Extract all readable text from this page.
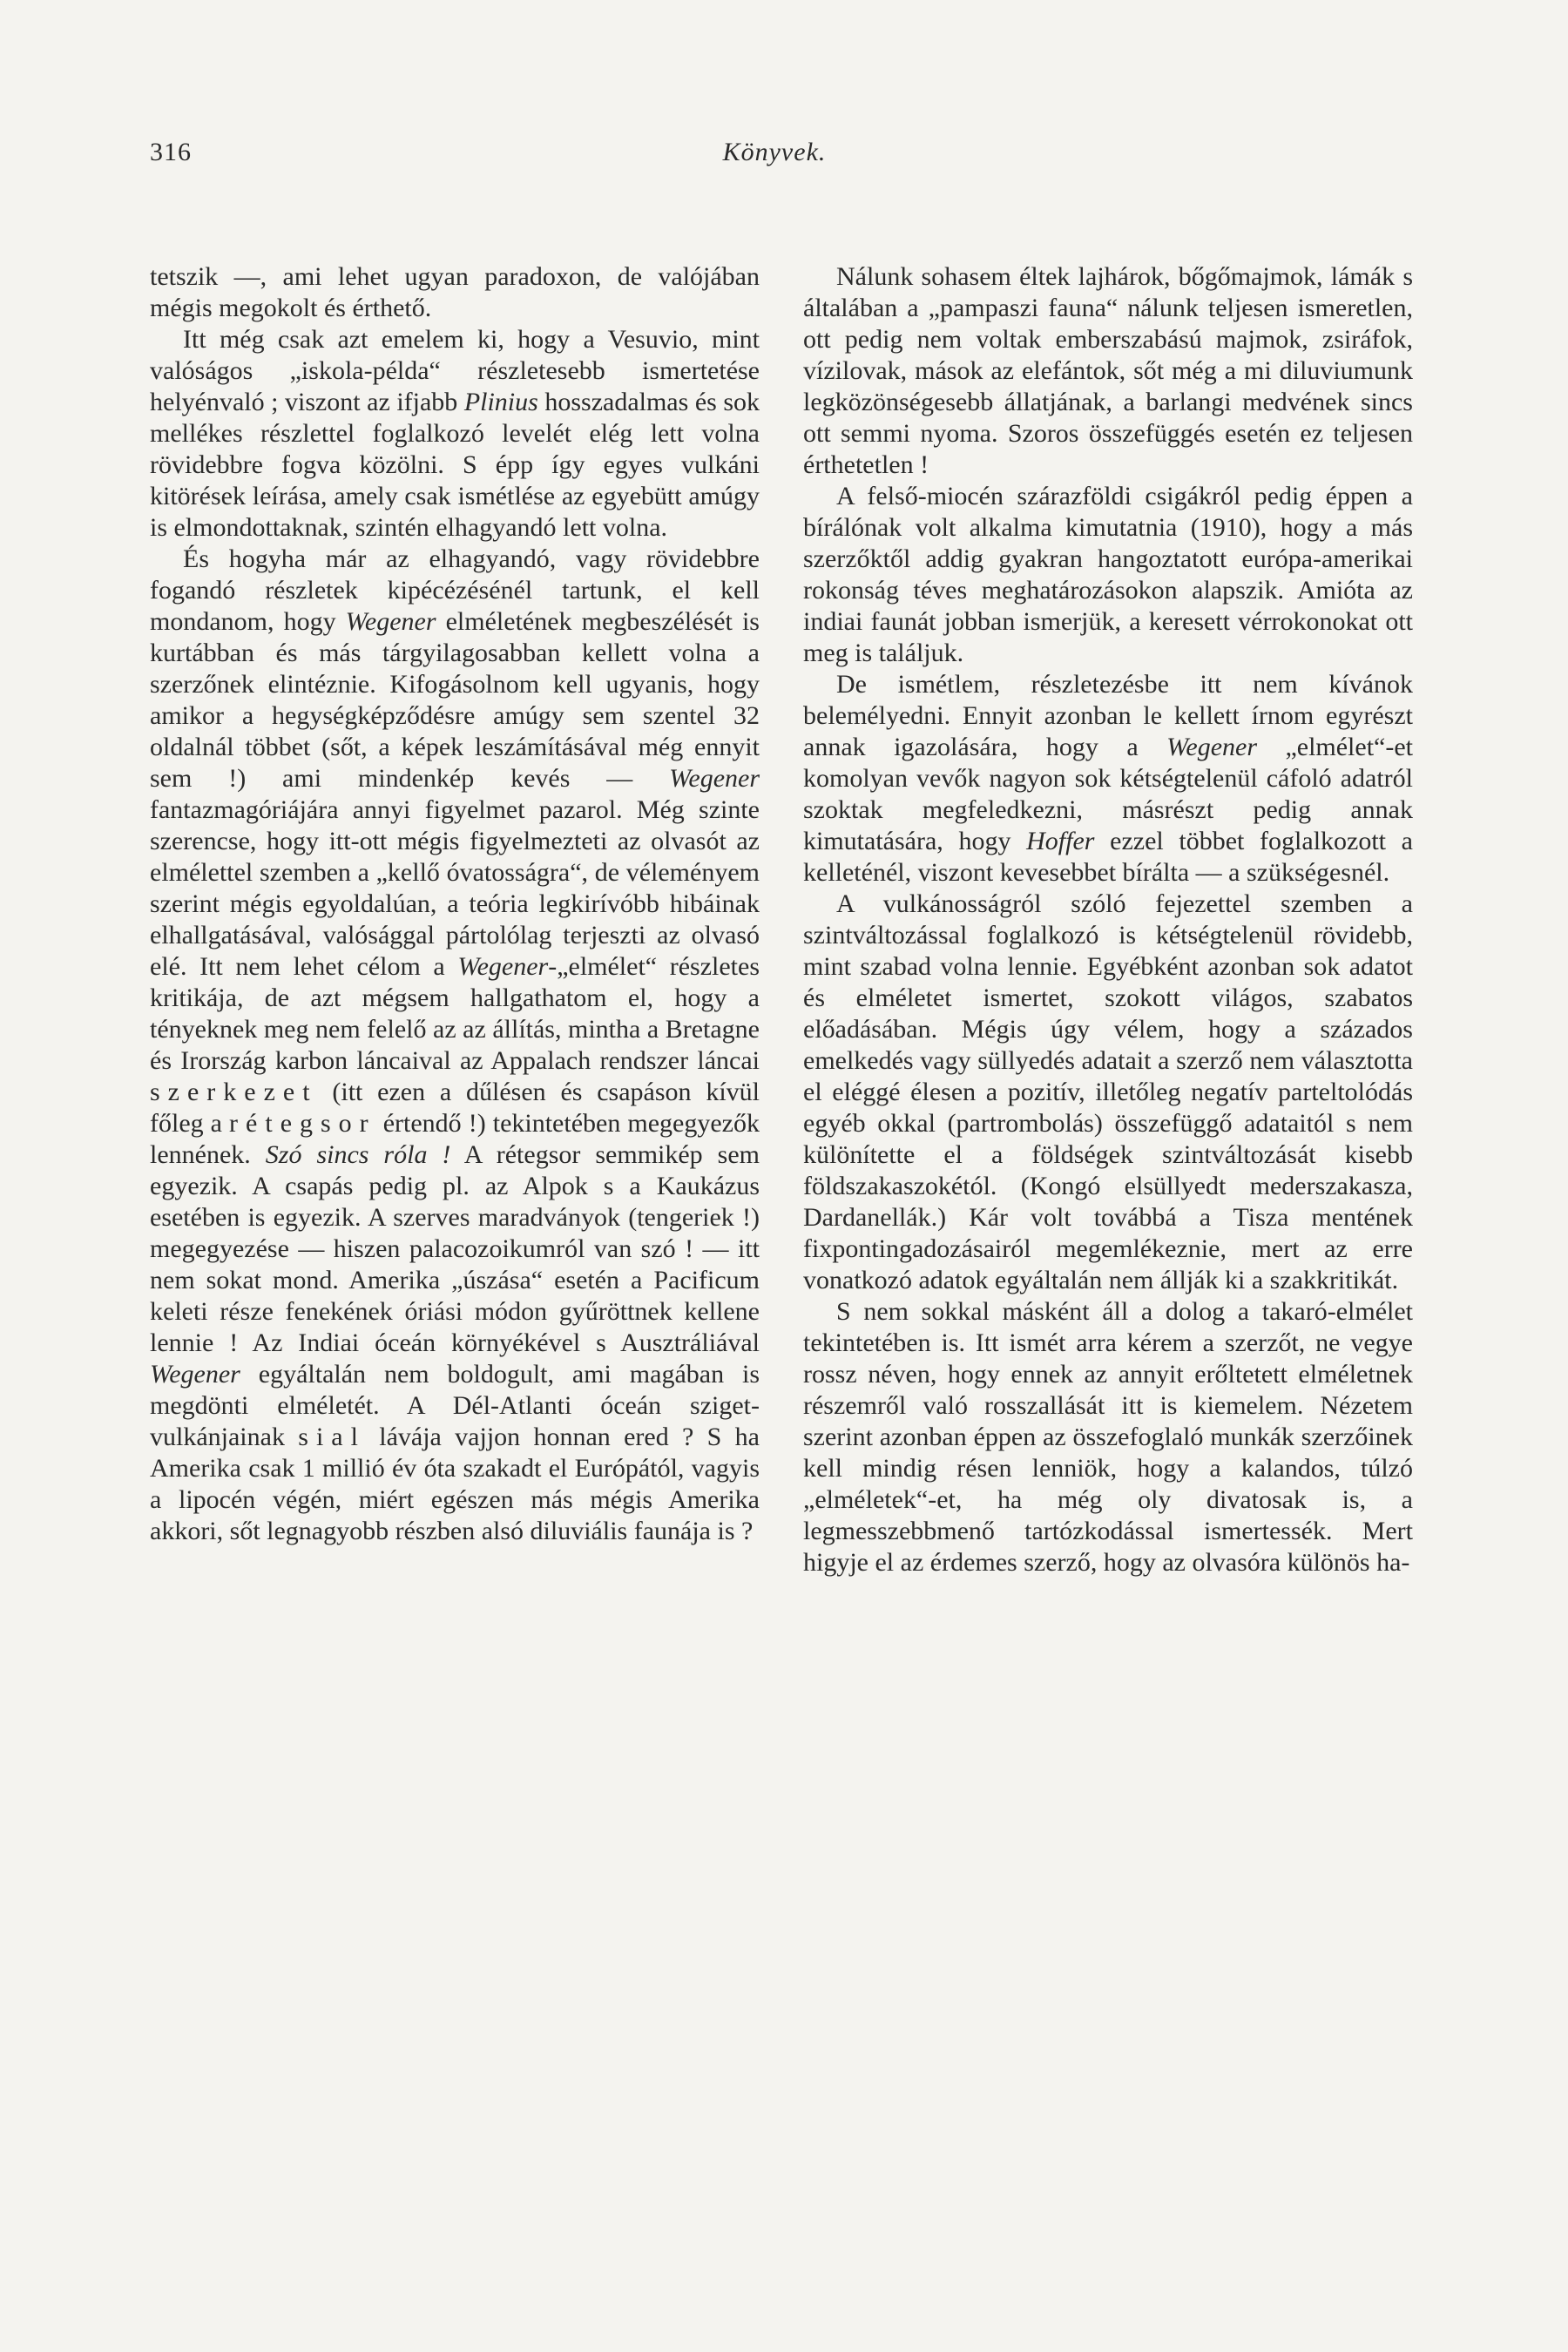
316	Könyvek.

tetszik —, ami lehet ugyan paradoxon, de valójában mégis megokolt és érthető.

Itt még csak azt emelem ki, hogy a Vesuvio, mint valóságos „iskola-példa“ részletesebb ismertetése helyénvaló ; viszont az ifjabb Plinius hosszadalmas és sok mellékes részlettel foglalkozó levelét elég lett volna rövidebbre fogva közölni. S épp így egyes vulkáni kitörések leírása, amely csak ismétlése az egyebütt amúgy is elmondottaknak, szintén elhagyandó lett volna.

És hogyha már az elhagyandó, vagy rövidebbre fogandó részletek kipécézésénél tartunk, el kell mondanom, hogy Wegener elméletének megbeszélését is kurtábban és más tárgyilagosabban kellett volna a szerzőnek elintéznie. Kifogásolnom kell ugyanis, hogy amikor a hegységképződésre amúgy sem szentel 32 oldalnál többet (sőt, a képek leszámításával még ennyit sem !) ami mindenkép kevés — Wegener fantazmagóriájára annyi figyelmet pazarol. Még szinte szerencse, hogy itt-ott mégis figyelmezteti az olvasót az elmélettel szemben a „kellő óvatosságra“, de véleményem szerint mégis egyoldalúan, a teória legkirívóbb hibáinak elhallgatásával, valósággal pártolólag terjeszti az olvasó elé. Itt nem lehet célom a Wegener-„elmélet“ részletes kritikája, de azt mégsem hallgathatom el, hogy a tényeknek meg nem felelő az az állítás, mintha a Bretagne és Irország karbon láncaival az Appalach rendszer láncai szerkezet (itt ezen a dűlésen és csapáson kívül főleg a rétegsor értendő !) tekintetében megegyezők lennének. Szó sincs róla ! A rétegsor semmikép sem egyezik. A csapás pedig pl. az Alpok s a Kaukázus esetében is egyezik. A szerves maradványok (tengeriek !) megegyezése — hiszen palacozoikumról van szó ! — itt nem sokat mond. Amerika „úszása“ esetén a Pacificum keleti része fenekének óriási módon gyűröttnek kellene lennie ! Az Indiai óceán környékével s Ausztráliával Wegener egyáltalán nem boldogult, ami magában is megdönti elméletét. A Dél-Atlanti óceán sziget-vulkánjainak sial lávája vajjon honnan ered ? S ha Amerika csak 1 millió év óta szakadt el Európától, vagyis a lipocén végén, miért egészen más mégis Amerika akkori, sőt legnagyobb részben alsó diluviális faunája is ?

Nálunk sohasem éltek lajhárok, bőgőmajmok, lámák s általában a „pampaszi fauna“ nálunk teljesen ismeretlen, ott pedig nem voltak emberszabású majmok, zsiráfok, vízilovak, mások az elefántok, sőt még a mi diluviumunk legközönségesebb állatjának, a barlangi medvének sincs ott semmi nyoma. Szoros összefüggés esetén ez teljesen érthetetlen !

A felső-miocén szárazföldi csigákról pedig éppen a bírálónak volt alkalma kimutatnia (1910), hogy a más szerzőktől addig gyakran hangoztatott európa-amerikai rokonság téves meghatározásokon alapszik. Amióta az indiai faunát jobban ismerjük, a keresett vérrokonokat ott meg is találjuk.

De ismétlem, részletezésbe itt nem kívánok belemélyedni. Ennyit azonban le kellett írnom egyrészt annak igazolására, hogy a Wegener „elmélet“-et komolyan vevők nagyon sok kétségtelenül cáfoló adatról szoktak megfeledkezni, másrészt pedig annak kimutatására, hogy Hoffer ezzel többet foglalkozott a kelleténél, viszont kevesebbet bírálta — a szükségesnél.

A vulkánosságról szóló fejezettel szemben a szintváltozással foglalkozó is kétségtelenül rövidebb, mint szabad volna lennie. Egyébként azonban sok adatot és elméletet ismertet, szokott világos, szabatos előadásában. Mégis úgy vélem, hogy a százados emelkedés vagy süllyedés adatait a szerző nem választotta el eléggé élesen a pozitív, illetőleg negatív parteltolódás egyéb okkal (partrombolás) összefüggő adataitól s nem különítette el a földségek szintváltozását kisebb földszakaszokétól. (Kongó elsüllyedt mederszakasza, Dardanellák.) Kár volt továbbá a Tisza mentének fixpontingadozásairól megemlékeznie, mert az erre vonatkozó adatok egyáltalán nem állják ki a szakkritikát.

S nem sokkal másként áll a dolog a takaró-elmélet tekintetében is. Itt ismét arra kérem a szerzőt, ne vegye rossz néven, hogy ennek az annyit erőltetett elméletnek részemről való rosszallását itt is kiemelem. Nézetem szerint azonban éppen az összefoglaló munkák szerzőinek kell mindig résen lenniök, hogy a kalandos, túlzó „elméletek“-et, ha még oly divatosak is, a legmesszebbmenő tartózkodással ismertessék. Mert higyje el az érdemes szerző, hogy az olvasóra különös ha-
